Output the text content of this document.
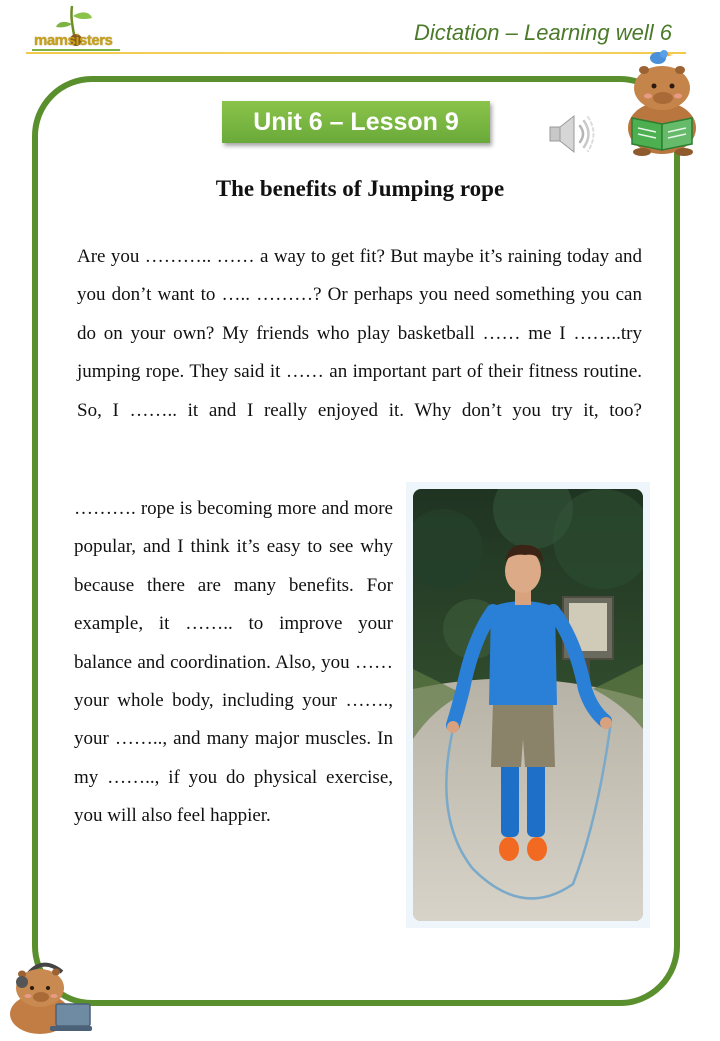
mamsisters	Dictation – Learning well 6
Unit 6 – Lesson 9
The benefits of Jumping rope
Are you ……….. …… a way to get fit? But maybe it’s raining today and you don’t want to ….. ………? Or perhaps you need something you can do on your own? My friends who play basketball …… me I ……..try jumping rope. They said it …… an important part of their fitness routine. So, I …….. it and I really enjoyed it. Why don’t you try it, too?
………. rope is becoming more and more popular, and I think it’s easy to see why because there are many benefits. For example, it …….. to improve your balance and coordination. Also, you …… your whole body, including your ……., your …….., and many major muscles. In my …….., if you do physical exercise, you will also feel happier.
